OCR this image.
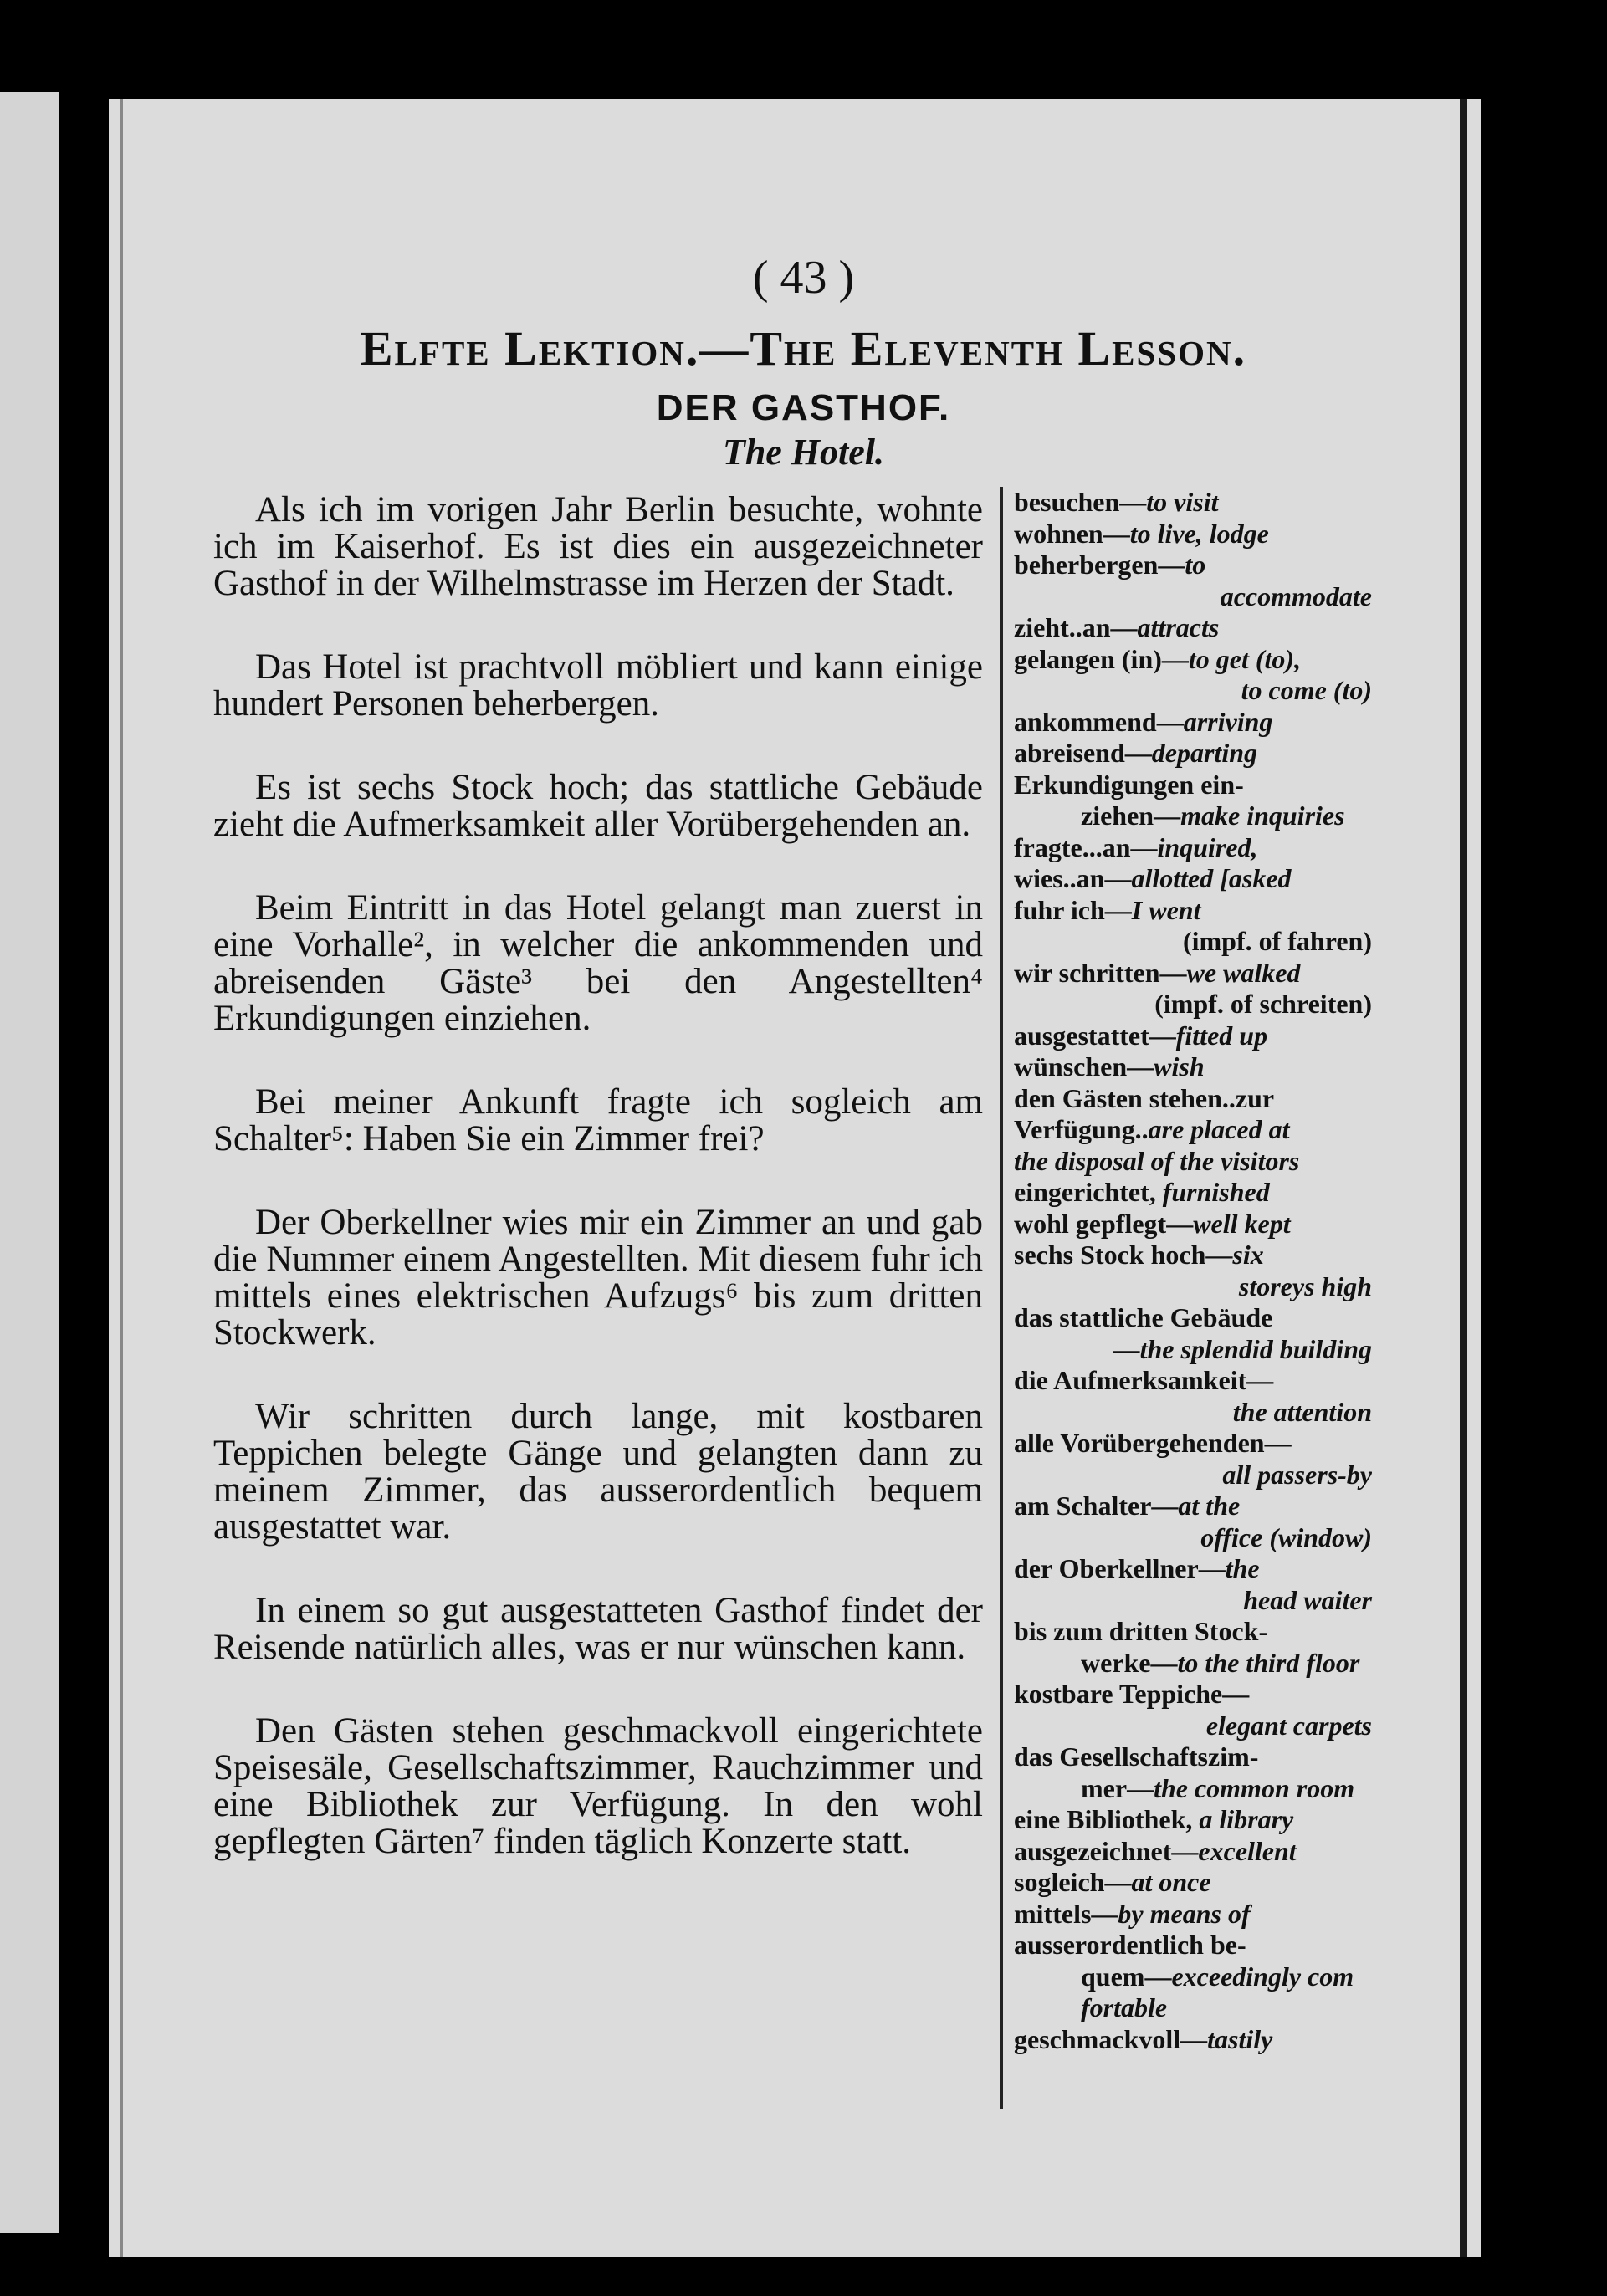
( 43 )
Elfte Lektion.—The Eleventh Lesson.
DER GASTHOF.
The Hotel.

Als ich im vorigen Jahr Berlin besuchte, wohnte ich im Kaiserhof. Es ist dies ein ausgezeichneter Gasthof in der Wilhelmstrasse im Herzen der Stadt.

Das Hotel ist prachtvoll möbliert und kann einige hundert Personen beherbergen.

Es ist sechs Stock hoch; das stattliche Gebäude zieht die Aufmerksamkeit aller Vorübergehenden an.

Beim Eintritt in das Hotel gelangt man zuerst in eine Vorhalle², in welcher die ankommenden und abreisenden Gäste³ bei den Angestellten⁴ Erkundigungen einziehen.

Bei meiner Ankunft fragte ich sogleich am Schalter⁵: Haben Sie ein Zimmer frei?

Der Oberkellner wies mir ein Zimmer an und gab die Nummer einem Angestellten. Mit diesem fuhr ich mittels eines elektrischen Aufzugs⁶ bis zum dritten Stockwerk.

Wir schritten durch lange, mit kostbaren Teppichen belegte Gänge und gelangten dann zu meinem Zimmer, das ausserordentlich bequem ausgestattet war.

In einem so gut ausgestatteten Gasthof findet der Reisende natürlich alles, was er nur wünschen kann.

Den Gästen stehen geschmackvoll eingerichtete Speisesäle, Gesellschaftszimmer, Rauchzimmer und eine Bibliothek zur Verfügung. In den wohl gepflegten Gärten⁷ finden täglich Konzerte statt.

besuchen—to visit
wohnen—to live, lodge
beherbergen—to
accommodate
zieht..an—attracts
gelangen (in)—to get (to),
to come (to)
ankommend—arriving
abreisend—departing
Erkundigungen ein-
ziehen—make inquiries
fragte...an—inquired,
wies..an—allotted [asked
fuhr ich—I went
(impf. of fahren)
wir schritten—we walked
(impf. of schreiten)
ausgestattet—fitted up
wünschen—wish
den Gästen stehen..zur
Verfügung..are placed at
the disposal of the visitors
eingerichtet, furnished
wohl gepflegt—well kept
sechs Stock hoch—six
storeys high
das stattliche Gebäude
—the splendid building
die Aufmerksamkeit—
the attention
alle Vorübergehenden—
all passers-by
am Schalter—at the
office (window)
der Oberkellner—the
head waiter
bis zum dritten Stock-
werke—to the third floor
kostbare Teppiche—
elegant carpets
das Gesellschaftszim-
mer—the common room
eine Bibliothek, a library
ausgezeichnet—excellent
sogleich—at once
mittels—by means of
ausserordentlich be-
quem—exceedingly com
fortable
geschmackvoll—tastily
